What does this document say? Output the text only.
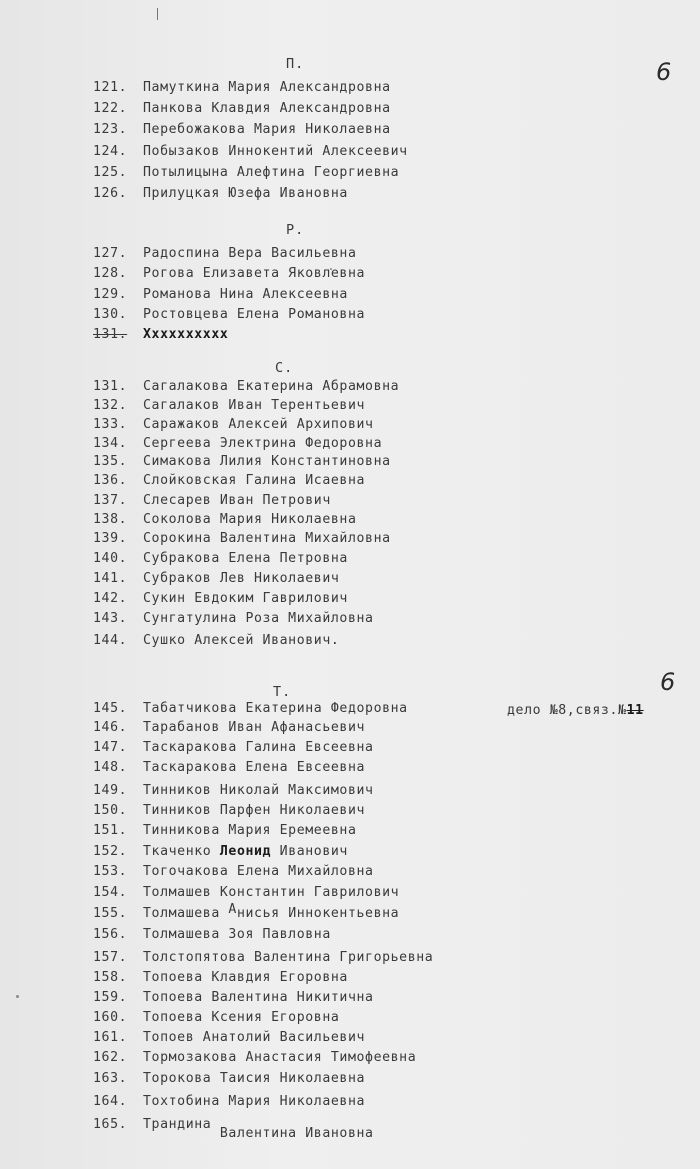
6
П.
121. Памуткина Мария Александровна
122. Панкова Клавдия Александровна
123. Перебожакова Мария Николаевна
124. Побызаков Иннокентий Алексеевич
125. Потылицына Алефтина Георгиевна
126. Прилуцкая Юзефа Ивановна
Р.
127. Радоспина Вера Васильевна
128. Рогова Елизавета Яковлевна
129. Романова Нина Алексеевна
130. Ростовцева Елена Романовна
131. Хххххххххх
С.
131. Сагалакова Екатерина Абрамовна
132. Сагалаков Иван Терентьевич
133. Саражаков Алексей Архипович
134. Сергеева Электрина Федоровна
135. Симакова Лилия Константиновна
136. Слойковская Галина Исаевна
137. Слесарев Иван Петрович
138. Соколова Мария Николаевна
139. Сорокина Валентина Михайловна
140. Субракова Елена Петровна
141. Субраков Лев Николаевич
142. Сукин Евдоким Гаврилович
143. Сунгатулина Роза Михайловна
144. Сушко Алексей Иванович.
Т.	6
дело №8,связ.№11
145. Табатчикова Екатерина Федоровна
146. Тарабанов Иван Афанасьевич
147. Таскаракова Галина Евсеевна
148. Таскаракова Елена Евсеевна
149. Тинников Николай Максимович
150. Тинников Парфен Николаевич
151. Тинникова Мария Еремеевна
152. Ткаченко Леонид Иванович
153. Тогочакова Елена Михайловна
154. Толмашев Константин Гаврилович
155. Толмашева Анисья Иннокентьевна
156. Толмашева Зоя Павловна
157. Толстопятова Валентина Григорьевна
158. Топоева Клавдия Егоровна
159. Топоева Валентина Никитична
160. Топоева Ксения Егоровна
161. Топоев Анатолий Васильевич
162. Тормозакова Анастасия Тимофеевна
163. Торокова Таисия Николаевна
164. Тохтобина Мария Николаевна
165. Трандина Валентина Ивановна
